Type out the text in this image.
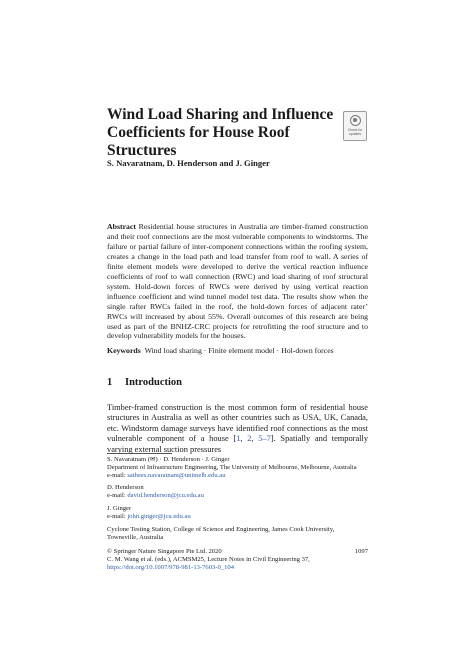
Wind Load Sharing and Influence
Coefficients for House Roof Structures
Check for
updates
S. Navaratnam, D. Henderson and J. Ginger
Abstract Residential house structures in Australia are timber-framed construction and their roof connections are the most vulnerable components to windstorms. The failure or partial failure of inter-component connections within the roofing system, creates a change in the load path and load transfer from roof to wall. A series of finite element models were developed to derive the vertical reaction influence coefficients of roof to wall connection (RWC) and load sharing of roof structural system. Hold-down forces of RWCs were derived by using vertical reaction influence coefficient and wind tunnel model test data. The results show when the single rafter RWCs failed in the roof, the hold-down forces of adjacent rater’ RWCs will increased by about 55%. Overall outcomes of this research are being used as part of the BNHZ-CRC projects for retrofitting the roof structure and to develop vulnerability models for the houses.
Keywords Wind load sharing · Finite element model · Hol-down forces
1 Introduction
Timber-framed construction is the most common form of residential house structures in Australia as well as other countries such as USA, UK, Canada, etc. Windstorm damage surveys have identified roof connections as the most vulnerable component of a house [1, 2, 5–7]. Spatially and temporally varying external suction pressures
S. Navaratnam (✉) · D. Henderson · J. Ginger
Department of Infrastructure Engineering, The University of Melbourne, Melbourne, Australia
e-mail: sathees.navaratnam@unimelb.edu.au
D. Henderson
e-mail: david.henderson@jcu.edu.au
J. Ginger
e-mail: john.ginger@jcu.edu.au
Cyclone Testing Station, College of Science and Engineering, James Cook University,
Townsville, Australia
© Springer Nature Singapore Pte Ltd. 2020
C. M. Wang et al. (eds.), ACMSM25, Lecture Notes in Civil Engineering 37,
https://doi.org/10.1007/978-981-13-7603-0_104
1097
